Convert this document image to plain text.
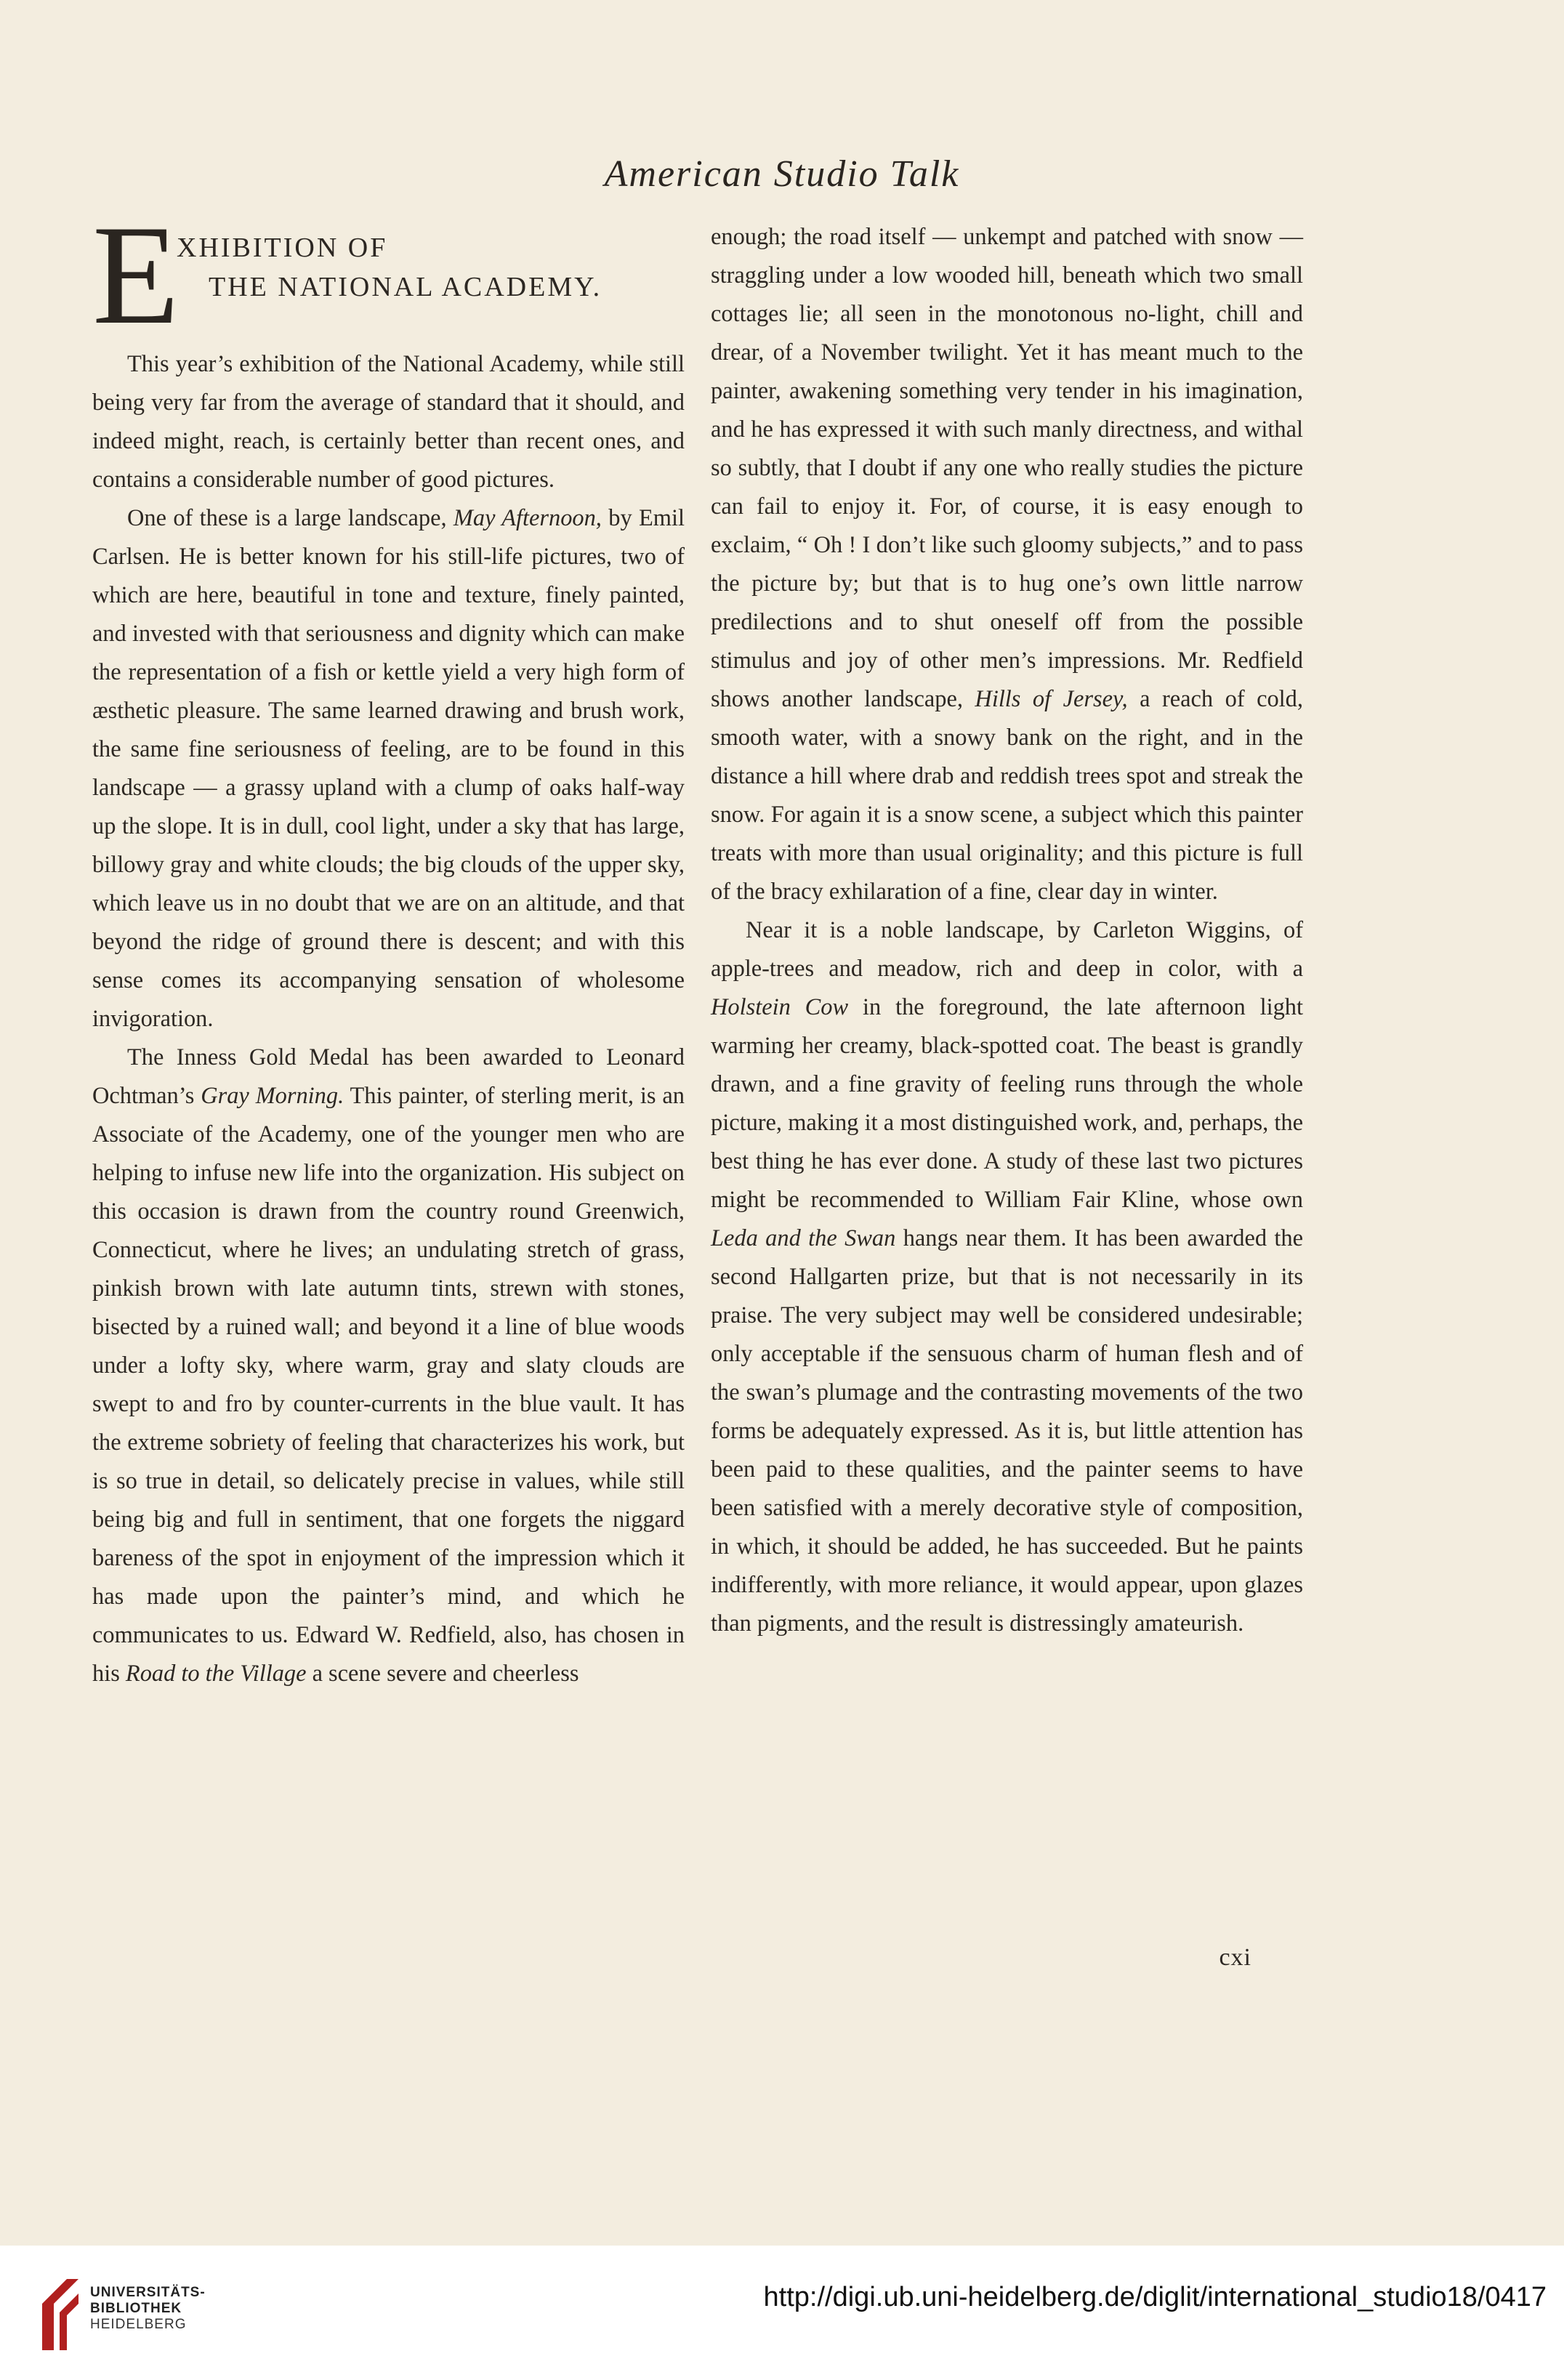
American Studio Talk
E
XHIBITION OF
THE NATIONAL ACADEMY.

This year’s exhibition of the National Academy, while still being very far from the average of standard that it should, and indeed might, reach, is certainly better than recent ones, and contains a considerable number of good pictures.

One of these is a large landscape, May Afternoon, by Emil Carlsen. He is better known for his still-life pictures, two of which are here, beautiful in tone and texture, finely painted, and invested with that seriousness and dignity which can make the representation of a fish or kettle yield a very high form of æsthetic pleasure. The same learned drawing and brush work, the same fine seriousness of feeling, are to be found in this landscape — a grassy upland with a clump of oaks half-way up the slope. It is in dull, cool light, under a sky that has large, billowy gray and white clouds; the big clouds of the upper sky, which leave us in no doubt that we are on an altitude, and that beyond the ridge of ground there is descent; and with this sense comes its accompanying sensation of wholesome invigoration.

The Inness Gold Medal has been awarded to Leonard Ochtman’s Gray Morning. This painter, of sterling merit, is an Associate of the Academy, one of the younger men who are helping to infuse new life into the organization. His subject on this occasion is drawn from the country round Greenwich, Connecticut, where he lives; an undulating stretch of grass, pinkish brown with late autumn tints, strewn with stones, bisected by a ruined wall; and beyond it a line of blue woods under a lofty sky, where warm, gray and slaty clouds are swept to and fro by counter-currents in the blue vault. It has the extreme sobriety of feeling that characterizes his work, but is so true in detail, so delicately precise in values, while still being big and full in sentiment, that one forgets the niggard bareness of the spot in enjoyment of the impression which it has made upon the painter’s mind, and which he communicates to us. Edward W. Redfield, also, has chosen in his Road to the Village a scene severe and cheerless

enough; the road itself — unkempt and patched with snow — straggling under a low wooded hill, beneath which two small cottages lie; all seen in the monotonous no-light, chill and drear, of a November twilight. Yet it has meant much to the painter, awakening something very tender in his imagination, and he has expressed it with such manly directness, and withal so subtly, that I doubt if any one who really studies the picture can fail to enjoy it. For, of course, it is easy enough to exclaim, “ Oh ! I don’t like such gloomy subjects,” and to pass the picture by; but that is to hug one’s own little narrow predilections and to shut oneself off from the possible stimulus and joy of other men’s impressions. Mr. Redfield shows another landscape, Hills of Jersey, a reach of cold, smooth water, with a snowy bank on the right, and in the distance a hill where drab and reddish trees spot and streak the snow. For again it is a snow scene, a subject which this painter treats with more than usual originality; and this picture is full of the bracy exhilaration of a fine, clear day in winter.

Near it is a noble landscape, by Carleton Wiggins, of apple-trees and meadow, rich and deep in color, with a Holstein Cow in the foreground, the late afternoon light warming her creamy, black-spotted coat. The beast is grandly drawn, and a fine gravity of feeling runs through the whole picture, making it a most distinguished work, and, perhaps, the best thing he has ever done. A study of these last two pictures might be recommended to William Fair Kline, whose own Leda and the Swan hangs near them. It has been awarded the second Hallgarten prize, but that is not necessarily in its praise. The very subject may well be considered undesirable; only acceptable if the sensuous charm of human flesh and of the swan’s plumage and the contrasting movements of the two forms be adequately expressed. As it is, but little attention has been paid to these qualities, and the painter seems to have been satisfied with a merely decorative style of composition, in which, it should be added, he has succeeded. But he paints indifferently, with more reliance, it would appear, upon glazes than pigments, and the result is distressingly amateurish.

cxi
UNIVERSITÄTS-
BIBLIOTHEK
HEIDELBERG
http://digi.ub.uni-heidelberg.de/diglit/international_studio18/0417
